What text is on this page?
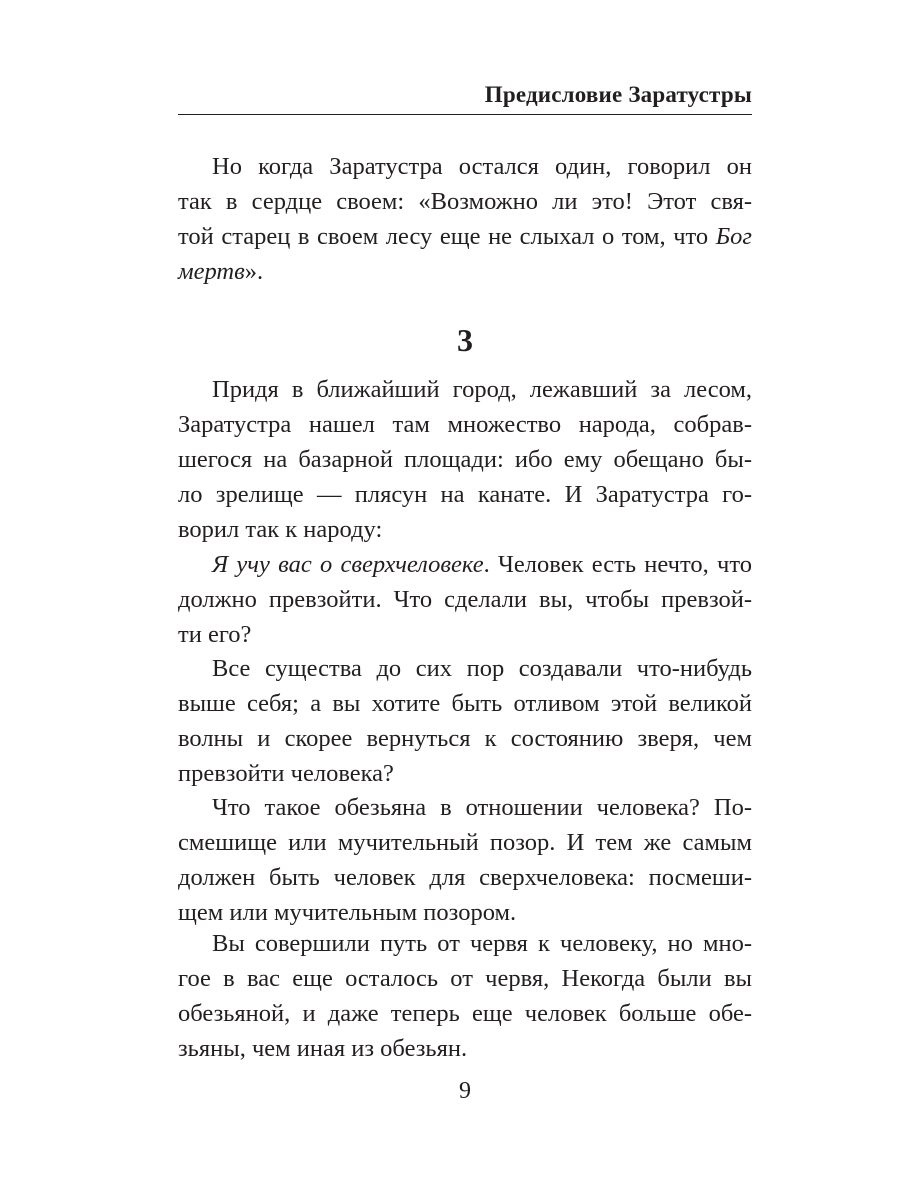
Предисловие Заратустры
Но когда Заратустра остался один, говорил он
так в сердце своем: «Возможно ли это! Этот свя-
той старец в своем лесу еще не слыхал о том, что Бог
мертв».
3
Придя в ближайший город, лежавший за лесом,
Заратустра нашел там множество народа, собрав-
шегося на базарной площади: ибо ему обещано бы-
ло зрелище — плясун на канате. И Заратустра го-
ворил так к народу:
Я учу вас о сверхчеловеке. Человек есть нечто, что
должно превзойти. Что сделали вы, чтобы превзой-
ти его?
Все существа до сих пор создавали что-нибудь
выше себя; а вы хотите быть отливом этой великой
волны и скорее вернуться к состоянию зверя, чем
превзойти человека?
Что такое обезьяна в отношении человека? По-
смешище или мучительный позор. И тем же самым
должен быть человек для сверхчеловека: посмеши-
щем или мучительным позором.
Вы совершили путь от червя к человеку, но мно-
гое в вас еще осталось от червя, Некогда были вы
обезьяной, и даже теперь еще человек больше обе-
зьяны, чем иная из обезьян.
9
